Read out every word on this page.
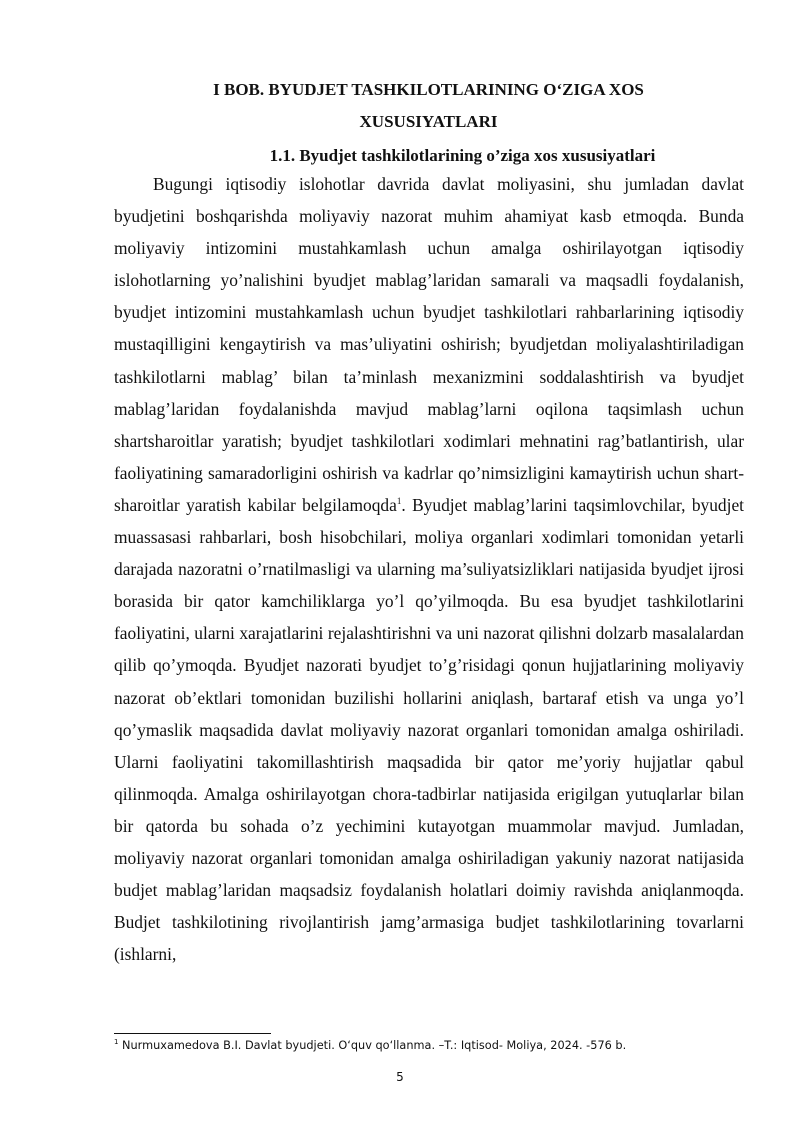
I BOB. BYUDJET TASHKILOTLARINING O‘ZIGA XOS
XUSUSIYATLARI
1.1. Byudjet tashkilotlarining o’ziga xos xususiyatlari

Bugungi iqtisodiy islohotlar davrida davlat moliyasini, shu jumladan davlat byudjetini boshqarishda moliyaviy nazorat muhim ahamiyat kasb etmoqda. Bunda moliyaviy intizomini mustahkamlash uchun amalga oshirilayotgan iqtisodiy islohotlarning yo’nalishini byudjet mablag’laridan samarali va maqsadli foydalanish, byudjet intizomini mustahkamlash uchun byudjet tashkilotlari rahbarlarining iqtisodiy mustaqilligini kengaytirish va mas’uliyatini oshirish; byudjetdan moliyalashtiriladigan tashkilotlarni mablag’ bilan ta’minlash mexanizmini soddalashtirish va byudjet mablag’laridan foydalanishda mavjud mablag’larni oqilona taqsimlash uchun shartsharoitlar yaratish; byudjet tashkilotlari xodimlari mehnatini rag’batlantirish, ular faoliyatining samaradorligini oshirish va kadrlar qo’nimsizligini kamaytirish uchun shart-sharoitlar yaratish kabilar belgilamoqda$^1$. Byudjet mablag’larini taqsimlovchilar, byudjet muassasasi rahbarlari, bosh hisobchilari, moliya organlari xodimlari tomonidan yetarli darajada nazoratni o’rnatilmasligi va ularning ma’suliyatsizliklari natijasida byudjet ijrosi borasida bir qator kamchiliklarga yo’l qo’yilmoqda. Bu esa byudjet tashkilotlarini faoliyatini, ularni xarajatlarini rejalashtirishni va uni nazorat qilishni dolzarb masalalardan qilib qo’ymoqda. Byudjet nazorati byudjet to’g’risidagi qonun hujjatlarining moliyaviy nazorat ob’ektlari tomonidan buzilishi hollarini aniqlash, bartaraf etish va unga yo’l qo’ymaslik maqsadida davlat moliyaviy nazorat organlari tomonidan amalga oshiriladi. Ularni faoliyatini takomillashtirish maqsadida bir qator me’yoriy hujjatlar qabul qilinmoqda. Amalga oshirilayotgan chora-tadbirlar natijasida erigilgan yutuqlarlar bilan bir qatorda bu sohada o’z yechimini kutayotgan muammolar mavjud. Jumladan, moliyaviy nazorat organlari tomonidan amalga oshiriladigan yakuniy nazorat natijasida budjet mablag’laridan maqsadsiz foydalanish holatlari doimiy ravishda aniqlanmoqda. Budjet tashkilotining rivojlantirish jamg’armasiga budjet tashkilotlarining tovarlarni (ishlarni,

$^1$ Nurmuxamedova B.I. Davlat byudjeti. O‘quv qo‘llanma. –T.: Iqtisod- Moliya, 2024. -576 b.

5
